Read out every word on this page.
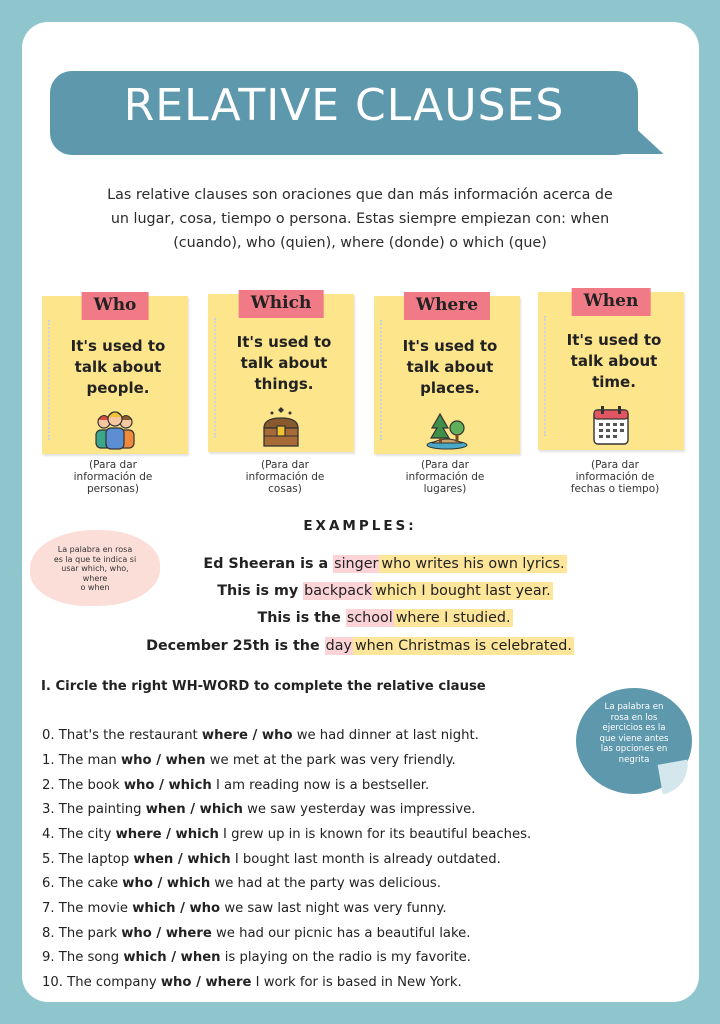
RELATIVE CLAUSES
Las relative clauses son oraciones que dan más información acerca de
un lugar, cosa, tiempo o persona. Estas siempre empiezan con: when
(cuando), who (quien), where (donde) o which (que)
Who
It's used to
talk about
people.
(Para dar
información de
personas)
Which
It's used to
talk about
things.
(Para dar
información de
cosas)
Where
It's used to
talk about
places.
(Para dar
información de
lugares)
When
It's used to
talk about
time.
(Para dar
información de
fechas o tiempo)
EXAMPLES:
La palabra en rosa
es la que te indica si
usar which, who,
where
o when
Ed Sheeran is a singer who writes his own lyrics.
This is my backpack which I bought last year.
This is the school where I studied.
December 25th is the day when Christmas is celebrated.
I. Circle the right WH-WORD to complete the relative clause
La palabra en
rosa en los
ejercicios es la
que viene antes
las opciones en
negrita
0. That's the restaurant where / who we had dinner at last night.
1. The man who / when we met at the park was very friendly.
2. The book who / which I am reading now is a bestseller.
3. The painting when / which we saw yesterday was impressive.
4. The city where / which I grew up in is known for its beautiful beaches.
5. The laptop when / which I bought last month is already outdated.
6. The cake who / which we had at the party was delicious.
7. The movie which / who we saw last night was very funny.
8. The park who / where we had our picnic has a beautiful lake.
9. The song which / when is playing on the radio is my favorite.
10. The company who / where I work for is based in New York.
